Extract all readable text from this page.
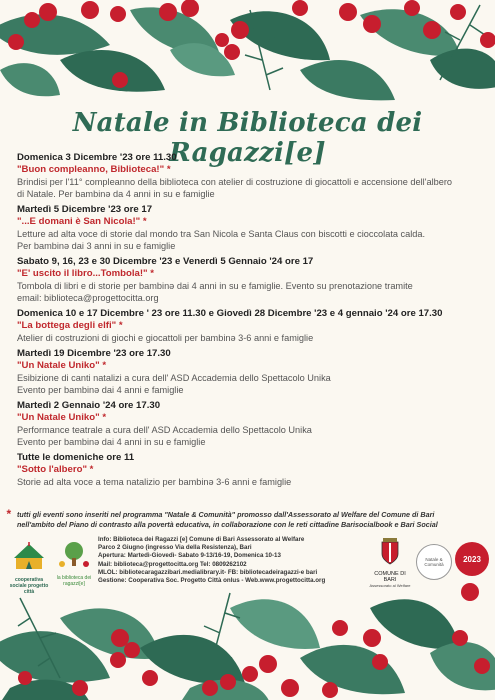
Natale in Biblioteca dei Ragazzi[e]
Domenica 3 Dicembre '23 ore 11.30
"Buon compleanno, Biblioteca!" *
Brindisi per l'11° compleanno della biblioteca con atelier di costruzione di giocattoli e accensione dell'albero
di Natale. Per bambinə da 4 anni in su e famiglie
Martedì 5 Dicembre '23 ore 17
"...E domani è San Nicola!" *
Letture ad alta voce di storie dal mondo tra San Nicola e Santa Claus con biscotti e cioccolata calda.
Per bambinə dai 3 anni in su e famiglie
Sabato 9, 16, 23 e 30 Dicembre '23 e Venerdì 5 Gennaio '24 ore 17
"E' uscito il libro...Tombola!" *
Tombola di libri e di storie per bambinə dai 4 anni in su e famiglie. Evento su prenotazione tramite
email: biblioteca@progettocitta.org
Domenica 10 e 17 Dicembre ' 23 ore 11.30 e Giovedì 28 Dicembre '23 e 4 gennaio '24 ore 17.30
"La bottega degli elfi" *
Atelier di costruzioni di giochi e giocattoli per bambinə 3-6 anni e famiglie
Martedì 19 Dicembre '23 ore 17.30
"Un Natale Uniko" *
Esibizione di canti natalizi a cura dell' ASD Accademia dello Spettacolo Unika
Evento per bambinə dai 4 anni e famiglie
Martedì 2 Gennaio '24 ore 17.30
"Un Natale Uniko" *
Performance teatrale a cura dell' ASD Accademia dello Spettacolo Unika
Evento per bambinə dai 4 anni in su e famiglie
Tutte le domeniche ore 11
"Sotto l'albero" *
Storie ad alta voce a tema natalizio per bambinə 3-6 anni e famiglie
* tutti gli eventi sono inseriti nel programma "Natale & Comunità" promosso dall'Assessorato al Welfare del Comune di Bari
nell'ambito del Piano di contrasto alla povertà educativa, in collaborazione con le reti cittadine Barisocialbook e Bari Social
cooperativa sociale progetto città
la biblioteca dei ragazzi[e]
Info: Biblioteca dei Ragazzi [e] Comune di Bari Assessorato al Welfare
Parco 2 Giugno (ingresso Via della Resistenza), Bari
Apertura: Martedì-Giovedì- Sabato 9-13/16-19, Domenica 10-13
Mail: biblioteca@progettocitta.org Tel: 0809262102
MLOL: bibliotecaragazzibari.medialibrary.it- FB: bibliotecadeiragazzi-e bari
Gestione: Cooperativa Soc. Progetto Città onlus - Web.www.progettocitta.org
COMUNE DI BARI
Assessorato al Welfare
Natale & Comunità
2023
